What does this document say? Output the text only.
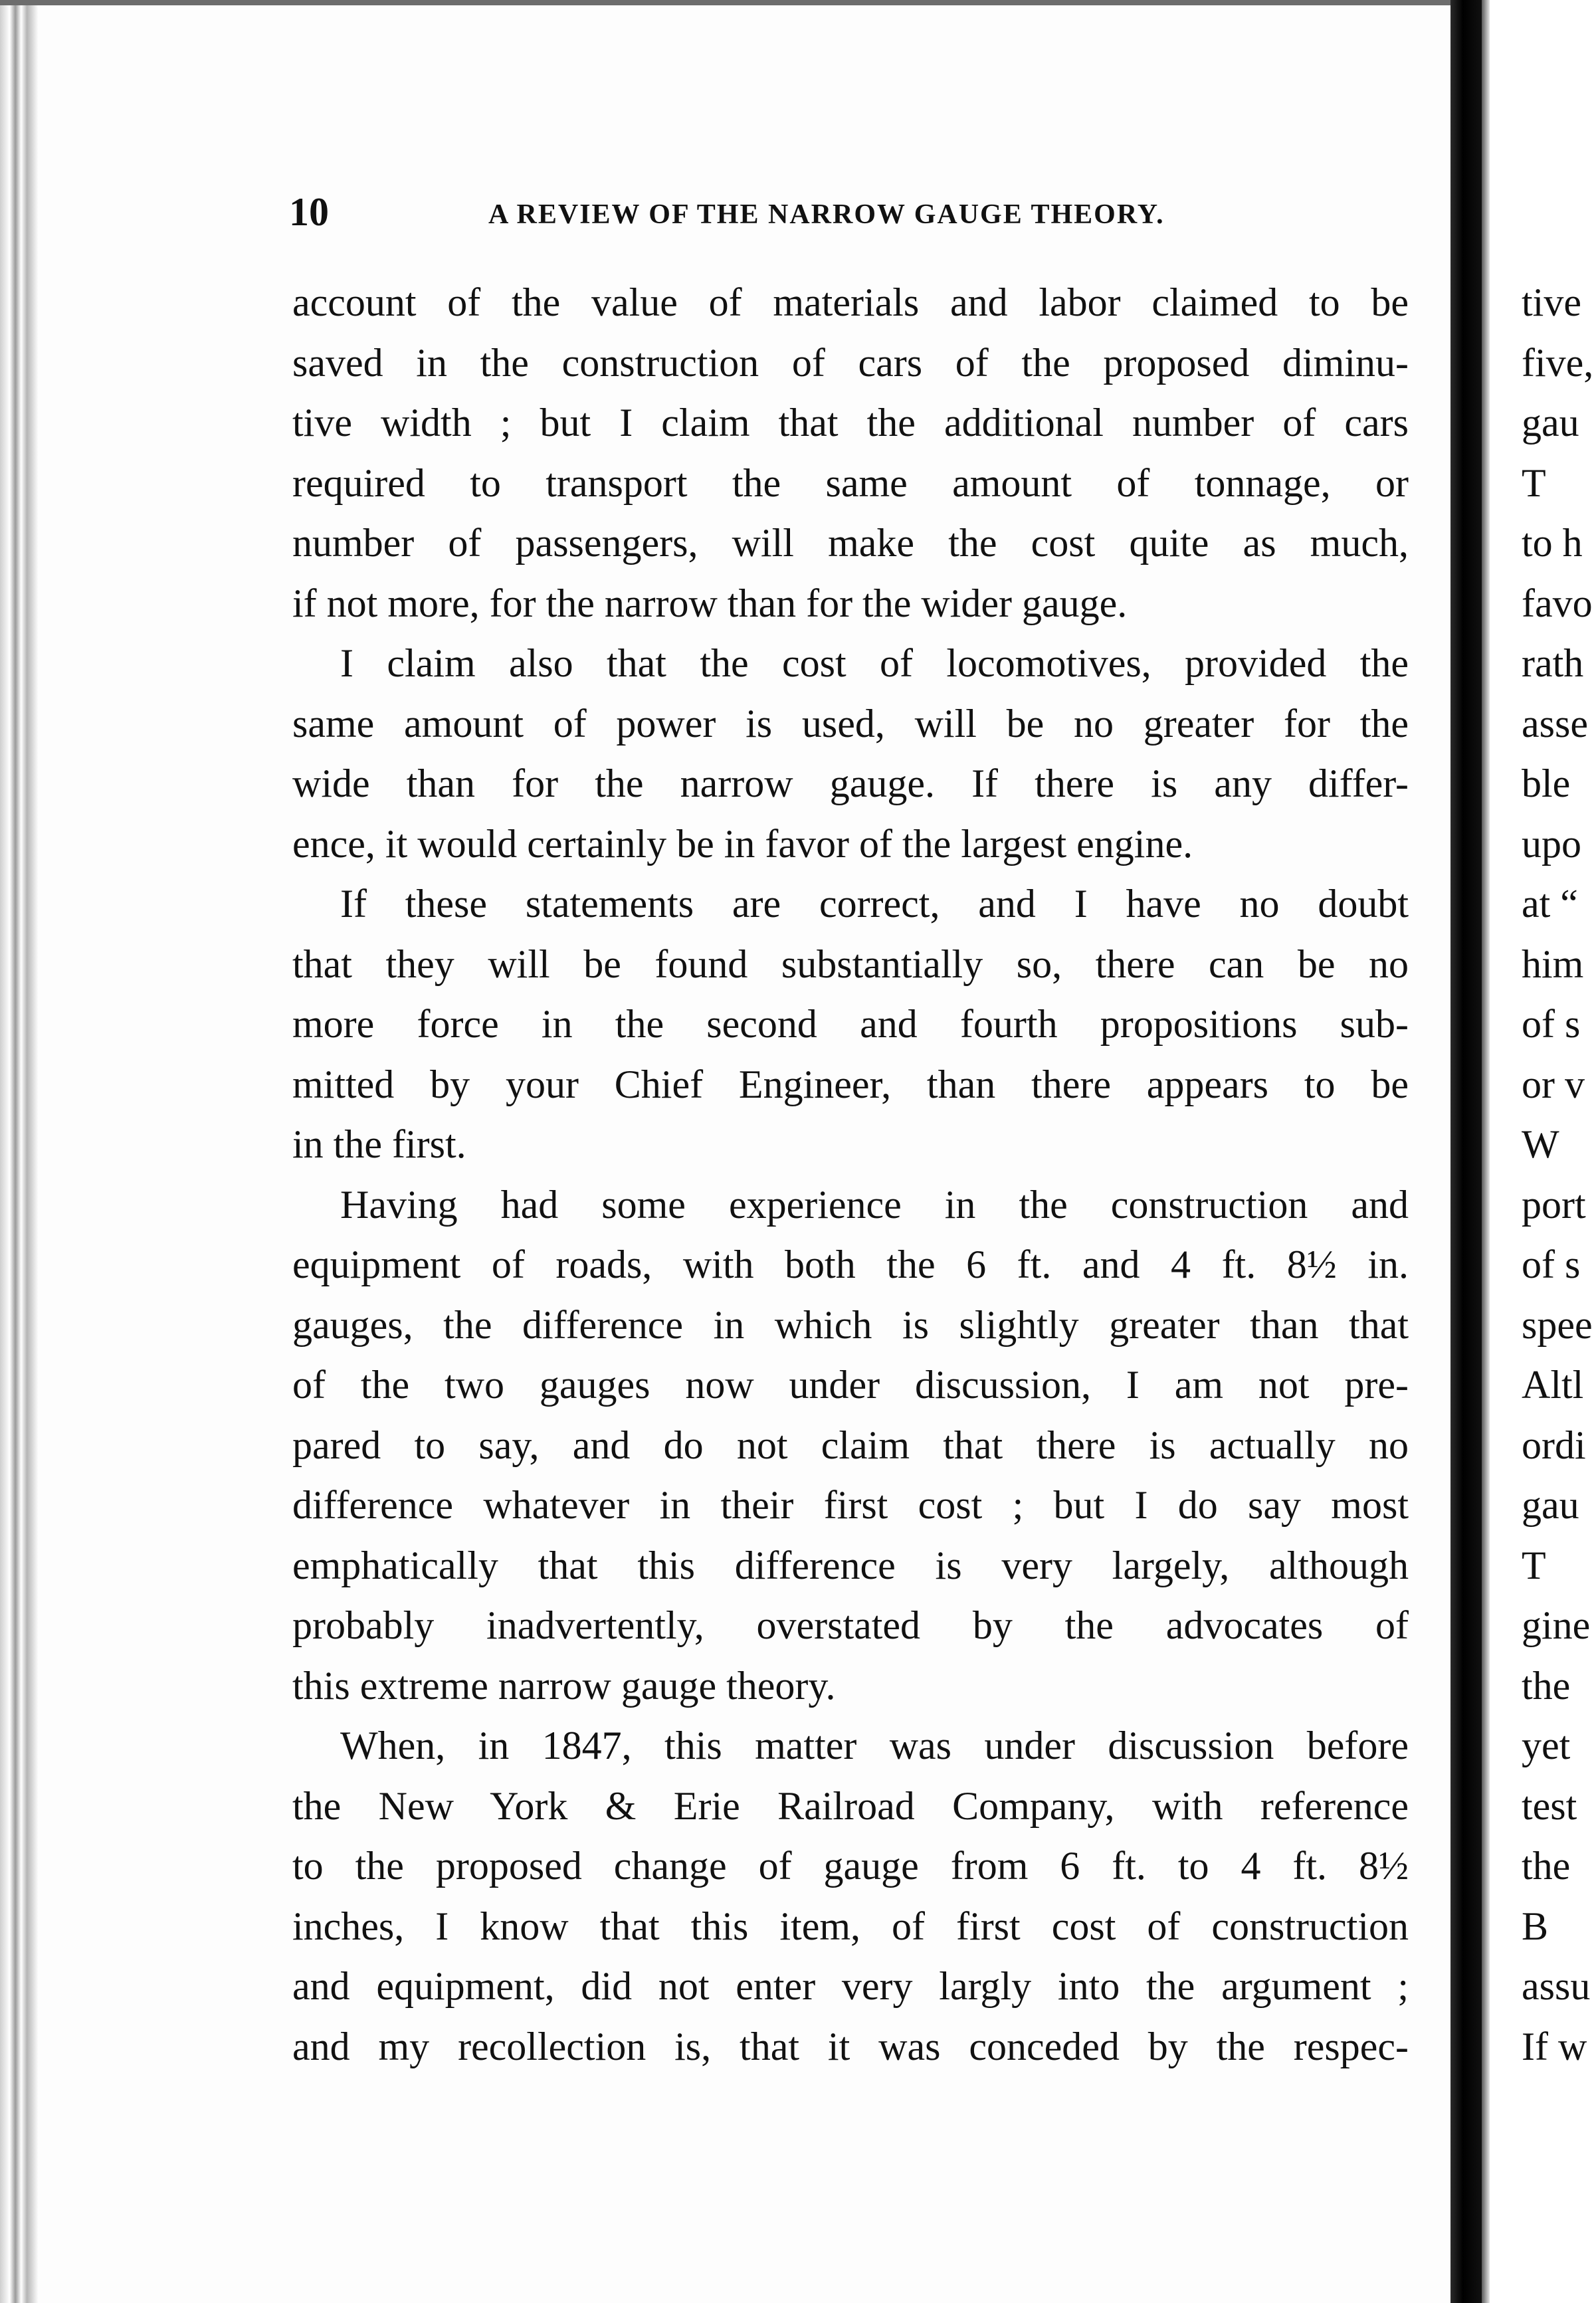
10	A REVIEW OF THE NARROW GAUGE THEORY.
account of the value of materials and labor claimed to be
saved in the construction of cars of the proposed diminu-
tive width ; but I claim that the additional number of cars
required to transport the same amount of tonnage, or
number of passengers, will make the cost quite as much,
if not more, for the narrow than for the wider gauge.
I claim also that the cost of locomotives, provided the
same amount of power is used, will be no greater for the
wide than for the narrow gauge. If there is any differ-
ence, it would certainly be in favor of the largest engine.
If these statements are correct, and I have no doubt
that they will be found substantially so, there can be no
more force in the second and fourth propositions sub-
mitted by your Chief Engineer, than there appears to be
in the first.
Having had some experience in the construction and
equipment of roads, with both the 6 ft. and 4 ft. 8½ in.
gauges, the difference in which is slightly greater than that
of the two gauges now under discussion, I am not pre-
pared to say, and do not claim that there is actually no
difference whatever in their first cost ; but I do say most
emphatically that this difference is very largely, although
probably inadvertently, overstated by the advocates of
this extreme narrow gauge theory.
When, in 1847, this matter was under discussion before
the New York & Erie Railroad Company, with reference
to the proposed change of gauge from 6 ft. to 4 ft. 8½
inches, I know that this item, of first cost of construction
and equipment, did not enter very largly into the argument ;
and my recollection is, that it was conceded by the respec-
tive
five,
gau
T
to h
favo
rath
asse
ble
upo
at “
him
of s
or v
W
port
of s
spee
Altl
ordi
gau
T
gine
the
yet
test
the
B
assu
If w
